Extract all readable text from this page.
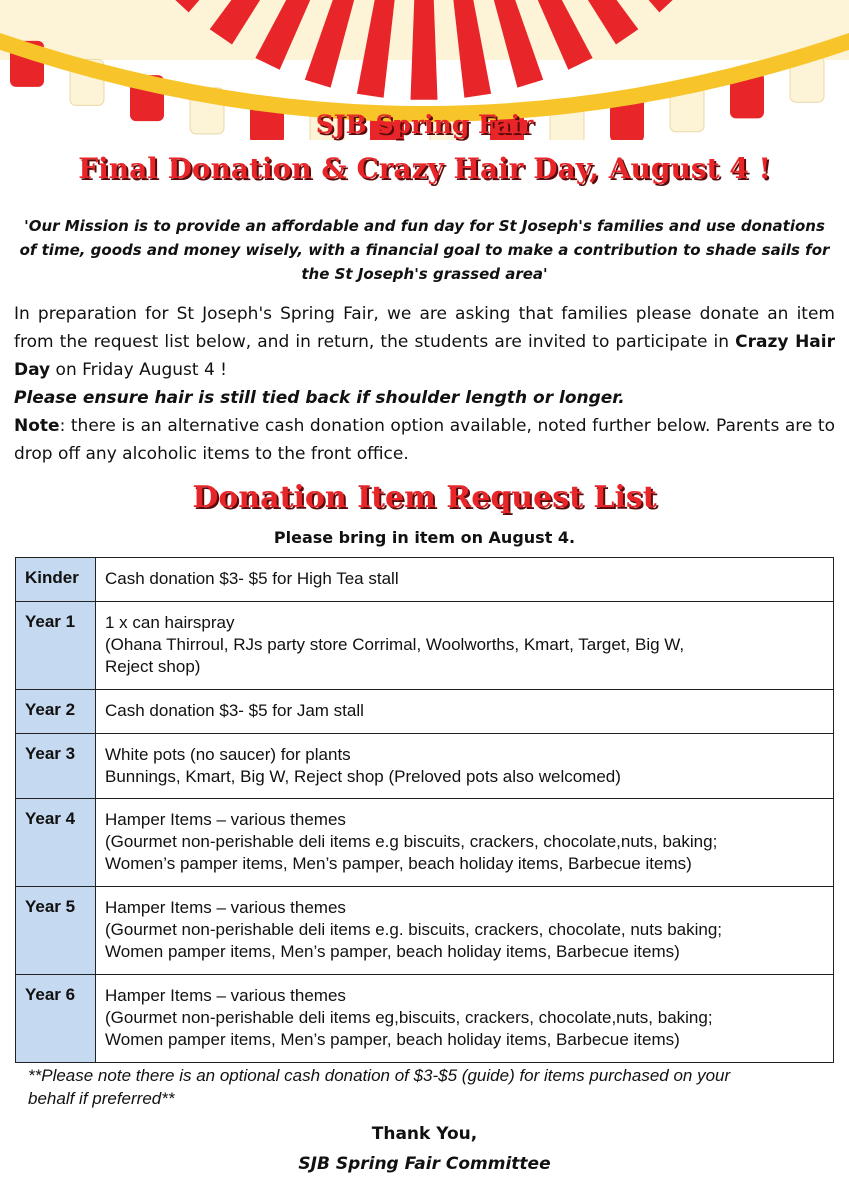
SJB Spring Fair
Final Donation & Crazy Hair Day, August 4 !

'Our Mission is to provide an affordable and fun day for St Joseph's families and use donations of time, goods and money wisely, with a financial goal to make a contribution to shade sails for the St Joseph's grassed area'

In preparation for St Joseph's Spring Fair, we are asking that families please donate an item from the request list below, and in return, the students are invited to participate in Crazy Hair Day on Friday August 4 !
Please ensure hair is still tied back if shoulder length or longer.
Note: there is an alternative cash donation option available, noted further below. Parents are to drop off any alcoholic items to the front office.

Donation Item Request List

Please bring in item on August 4.

Kinder	Cash donation $3- $5 for High Tea stall

Year 1	1 x can hairspray
(Ohana Thirroul, RJs party store Corrimal, Woolworths, Kmart, Target, Big W,
Reject shop)

Year 2	Cash donation $3- $5 for Jam stall

Year 3	White pots (no saucer) for plants
Bunnings, Kmart, Big W, Reject shop (Preloved pots also welcomed)

Year 4	Hamper Items – various themes
(Gourmet non-perishable deli items e.g biscuits, crackers, chocolate,nuts, baking;
Women’s pamper items, Men’s pamper, beach holiday items, Barbecue items)

Year 5	Hamper Items – various themes
(Gourmet non-perishable deli items e.g. biscuits, crackers, chocolate, nuts baking;
Women pamper items, Men’s pamper, beach holiday items, Barbecue items)

Year 6	Hamper Items – various themes
(Gourmet non-perishable deli items eg,biscuits, crackers, chocolate,nuts, baking;
Women pamper items, Men’s pamper, beach holiday items, Barbecue items)

**Please note there is an optional cash donation of $3-$5 (guide) for items purchased on your behalf if preferred**

Thank You,

SJB Spring Fair Committee
